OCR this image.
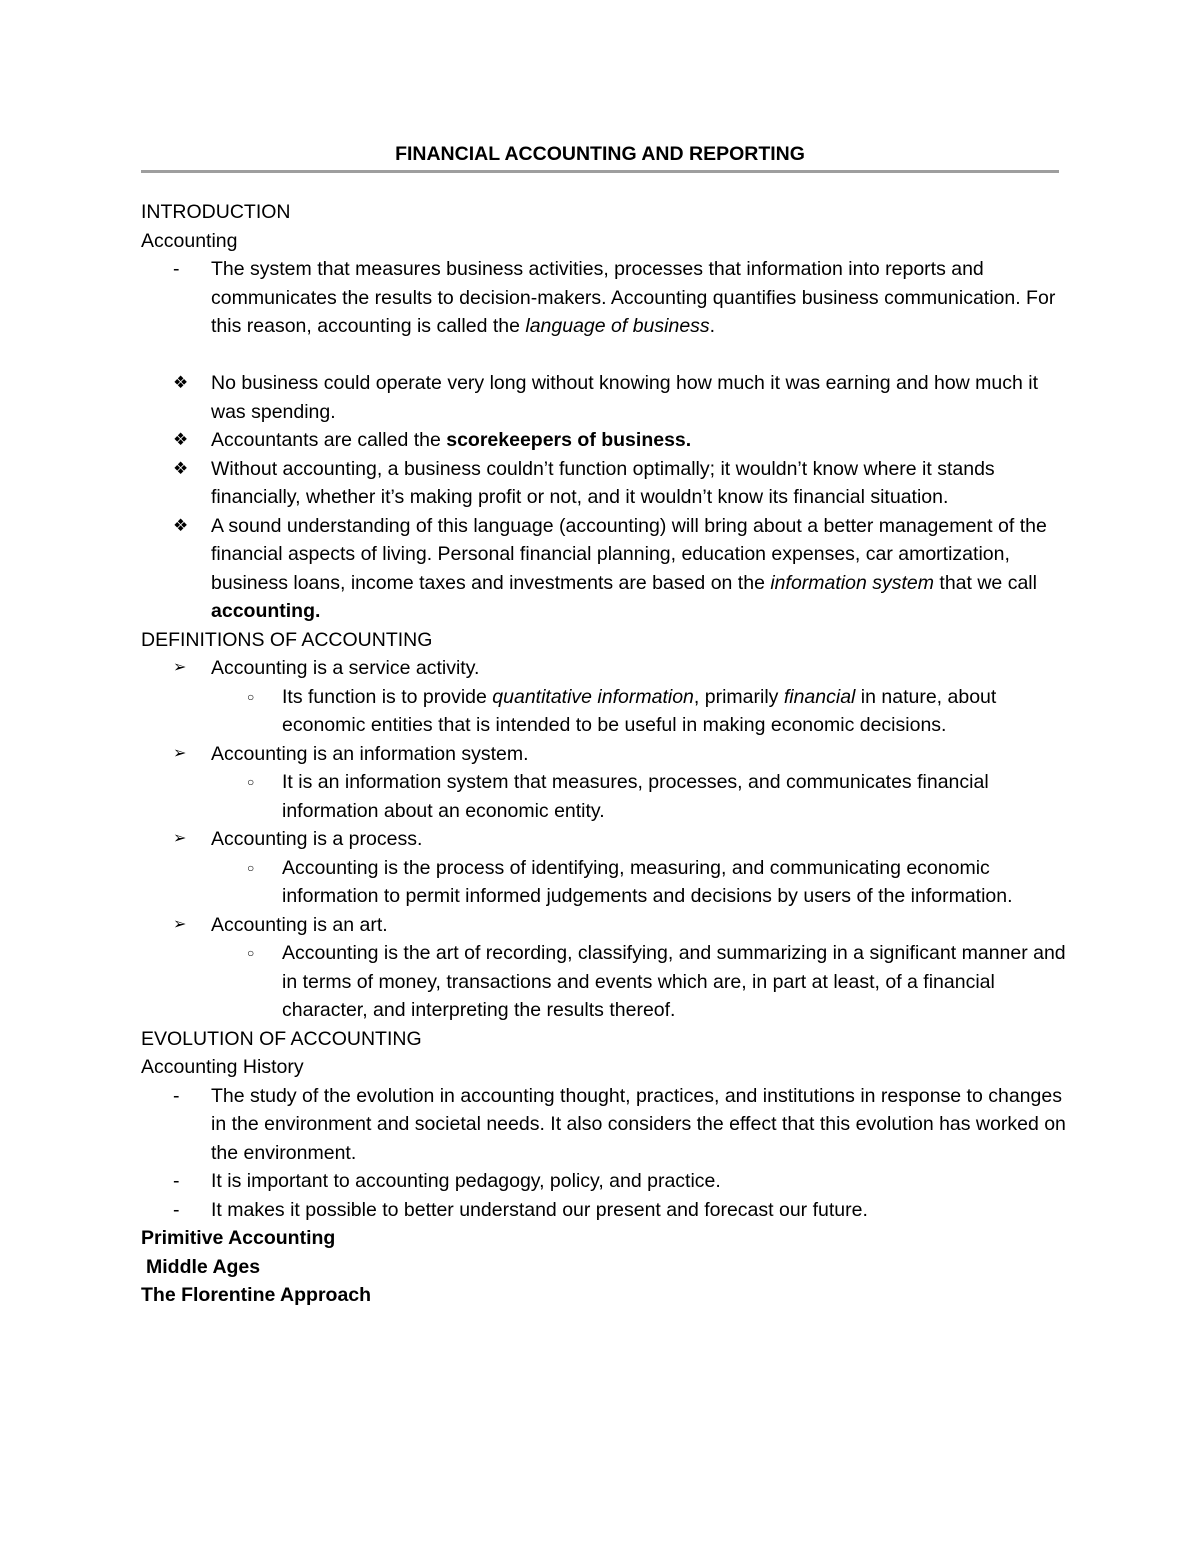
FINANCIAL ACCOUNTING AND REPORTING

INTRODUCTION

Accounting

-	The system that measures business activities, processes that information into reports and communicates the results to decision-makers. Accounting quantifies business communication. For this reason, accounting is called the language of business.
❖	No business could operate very long without knowing how much it was earning and how much it was spending.
❖	Accountants are called the scorekeepers of business.
❖	Without accounting, a business couldn’t function optimally; it wouldn’t know where it stands financially, whether it’s making profit or not, and it wouldn’t know its financial situation.
❖	A sound understanding of this language (accounting) will bring about a better management of the financial aspects of living. Personal financial planning, education expenses, car amortization, business loans, income taxes and investments are based on the information system that we call accounting.

DEFINITIONS OF ACCOUNTING

➢	Accounting is a service activity.
○	Its function is to provide quantitative information, primarily financial in nature, about economic entities that is intended to be useful in making economic decisions.
➢	Accounting is an information system.
○	It is an information system that measures, processes, and communicates financial information about an economic entity.
➢	Accounting is a process.
○	Accounting is the process of identifying, measuring, and communicating economic information to permit informed judgements and decisions by users of the information.
➢	Accounting is an art.
○	Accounting is the art of recording, classifying, and summarizing in a significant manner and in terms of money, transactions and events which are, in part at least, of a financial character, and interpreting the results thereof.

EVOLUTION OF ACCOUNTING

Accounting History

-	The study of the evolution in accounting thought, practices, and institutions in response to changes in the environment and societal needs. It also considers the effect that this evolution has worked on the environment.
-	It is important to accounting pedagogy, policy, and practice.
-	It makes it possible to better understand our present and forecast our future.

Primitive Accounting

Middle Ages

The Florentine Approach
